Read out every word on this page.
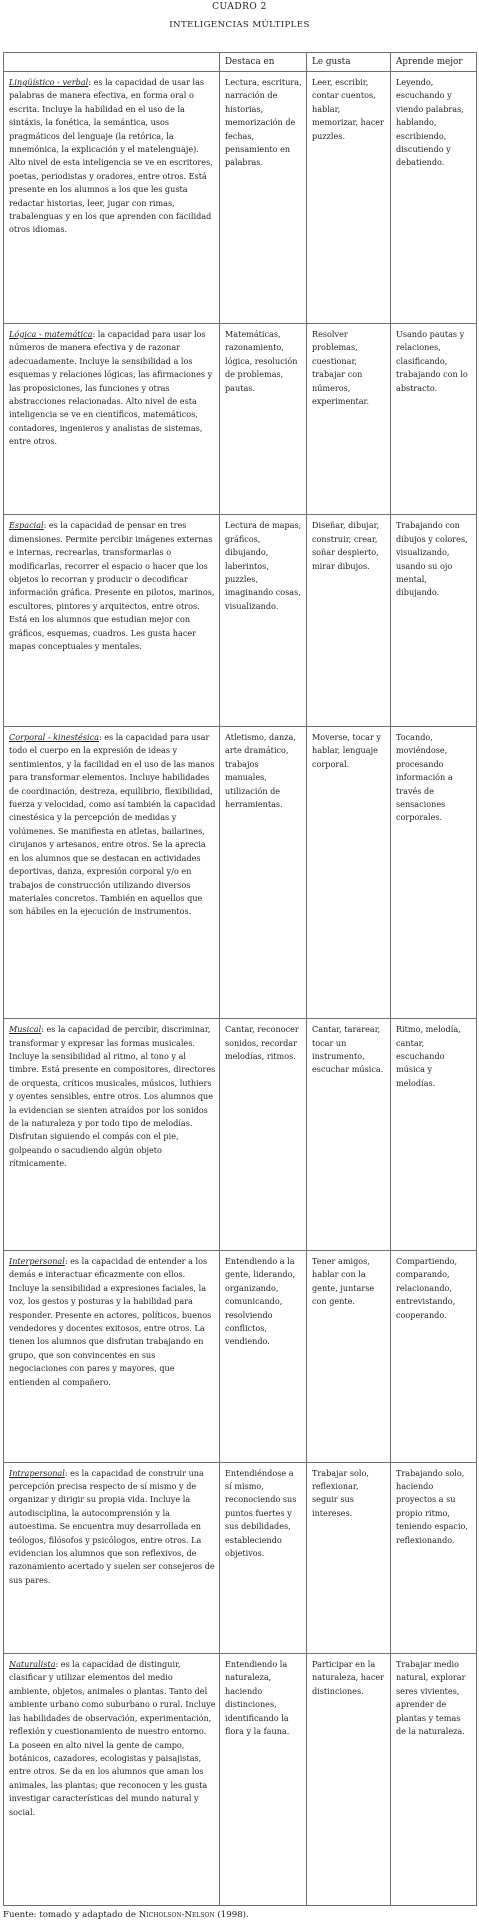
CUADRO 2
INTELIGENCIAS MÚLTIPLES
	Destaca en	Le gusta	Aprende mejor
Lingüístico - verbal: es la capacidad de usar las palabras de manera efectiva, en forma oral o escrita. Incluye la habilidad en el uso de la sintáxis, la fonética, la semántica, usos pragmáticos del lenguaje (la retórica, la mnemónica, la explicación y el matelenguaje). Alto nivel de esta inteligencia se ve en escritores, poetas, periodistas y oradores, entre otros. Está presente en los alumnos a los que les gusta redactar historias, leer, jugar con rimas, trabalenguas y en los que aprenden con facilidad otros idiomas.	Lectura, escritura, narración de historias, memorización de fechas, pensamiento en palabras.	Leer, escribir, contar cuentos, hablar, memorizar, hacer puzzles.	Leyendo, escuchando y viendo palabras, hablando, escribiendo, discutiendo y debatiendo.
Lógica - matemática: la capacidad para usar los números de manera efectiva y de razonar adecuadamente. Incluye la sensibilidad a los esquemas y relaciones lógicas, las afirmaciones y las proposiciones, las funciones y otras abstracciones relacionadas. Alto nivel de esta inteligencia se ve en científicos, matemáticos, contadores, ingenieros y analistas de sistemas, entre otros.	Matemáticas, razonamiento, lógica, resolución de problemas, pautas.	Resolver problemas, cuestionar, trabajar con números, experimentar.	Usando pautas y relaciones, clasificando, trabajando con lo abstracto.
Espacial: es la capacidad de pensar en tres dimensiones. Permite percibir imágenes externas e internas, recrearlas, transformarlas o modificarlas, recorrer el espacio o hacer que los objetos lo recorran y producir o decodificar información gráfica. Presente en pilotos, marinos, escultores, pintores y arquitectos, entre otros. Está en los alumnos que estudian mejor con gráficos, esquemas, cuadros. Les gusta hacer mapas conceptuales y mentales.	Lectura de mapas, gráficos, dibujando, laberintos, puzzles, imaginando cosas, visualizando.	Diseñar, dibujar, construir, crear, soñar despierto, mirar dibujos.	Trabajando con dibujos y colores, visualizando, usando su ojo mental, dibujando.
Corporal - kinestésica: es la capacidad para usar todo el cuerpo en la expresión de ideas y sentimientos, y la facilidad en el uso de las manos para transformar elementos. Incluye habilidades de coordinación, destreza, equilibrio, flexibilidad, fuerza y velocidad, como así también la capacidad cinestésica y la percepción de medidas y volúmenes. Se manifiesta en atletas, bailarines, cirujanos y artesanos, entre otros. Se la aprecia en los alumnos que se destacan en actividades deportivas, danza, expresión corporal y/o en trabajos de construcción utilizando diversos materiales concretos. También en aquellos que son hábiles en la ejecución de instrumentos.	Atletismo, danza, arte dramático, trabajos manuales, utilización de herramientas.	Moverse, tocar y hablar, lenguaje corporal.	Tocando, moviéndose, procesando información a través de sensaciones corporales.
Musical: es la capacidad de percibir, discriminar, transformar y expresar las formas musicales. Incluye la sensibilidad al ritmo, al tono y al timbre. Está presente en compositores, directores de orquesta, críticos musicales, músicos, luthiers y oyentes sensibles, entre otros. Los alumnos que la evidencian se sienten atraídos por los sonidos de la naturaleza y por todo tipo de melodías. Disfrutan siguiendo el compás con el pie, golpeando o sacudiendo algún objeto rítmicamente.	Cantar, reconocer sonidos, recordar melodías, ritmos.	Cantar, tararear, tocar un instrumento, escuchar música.	Ritmo, melodía, cantar, escuchando música y melodías.
Interpersonal: es la capacidad de entender a los demás e interactuar eficazmente con ellos. Incluye la sensibilidad a expresiones faciales, la voz, los gestos y posturas y la habilidad para responder. Presente en actores, políticos, buenos vendedores y docentes exitosos, entre otros. La tienen los alumnos que disfrutan trabajando en grupo, que son convincentes en sus negociaciones con pares y mayores, que entienden al compañero.	Entendiendo a la gente, liderando, organizando, comunicando, resolviendo conflictos, vendiendo.	Tener amigos, hablar con la gente, juntarse con gente.	Compartiendo, comparando, relacionando, entrevistando, cooperando.
Intrapersonal: es la capacidad de construir una percepción precisa respecto de sí mismo y de organizar y dirigir su propia vida. Incluye la autodisciplina, la autocomprensión y la autoestima. Se encuentra muy desarrollada en teólogos, filósofos y psicólogos, entre otros. La evidencian los alumnos que son reflexivos, de razonamiento acertado y suelen ser consejeros de sus pares.	Entendiéndose a sí mismo, reconociendo sus puntos fuertes y sus debilidades, estableciendo objetivos.	Trabajar solo, reflexionar, seguir sus intereses.	Trabajando solo, haciendo proyectos a su propio ritmo, teniendo espacio, reflexionando.
Naturalista: es la capacidad de distinguir, clasificar y utilizar elementos del medio ambiente, objetos, animales o plantas. Tanto del ambiente urbano como suburbano o rural. Incluye las habilidades de observación, experimentación, reflexión y cuestionamiento de nuestro entorno. La poseen en alto nivel la gente de campo, botánicos, cazadores, ecologistas y paisajistas, entre otros. Se da en los alumnos que aman los animales, las plantas; que reconocen y les gusta investigar características del mundo natural y social.	Entendiendo la naturaleza, haciendo distinciones, identificando la flora y la fauna.	Participar en la naturaleza, hacer distinciones.	Trabajar medio natural, explorar seres vivientes, aprender de plantas y temas de la naturaleza.
Fuente: tomado y adaptado de Nicholson-Nelson (1998).
